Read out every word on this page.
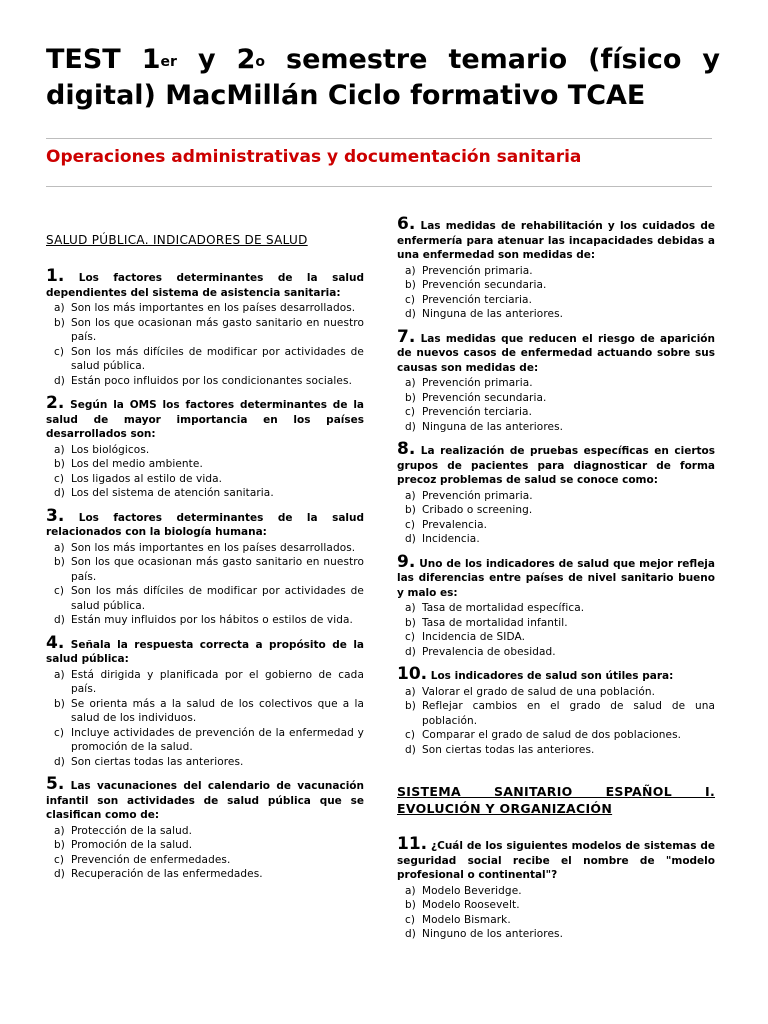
TEST 1er y 2$^o$ semestre temario (físico y digital) MacMillán Ciclo formativo TCAE
Operaciones administrativas y documentación sanitaria
SALUD PÚBLICA. INDICADORES DE SALUD
1. Los factores determinantes de la salud dependientes del sistema de asistencia sanitaria:
a) Son los más importantes en los países desarrollados.
b) Son los que ocasionan más gasto sanitario en nuestro país.
c) Son los más difíciles de modificar por actividades de salud pública.
d) Están poco influidos por los condicionantes sociales.
2. Según la OMS los factores determinantes de la salud de mayor importancia en los países desarrollados son:
a) Los biológicos.
b) Los del medio ambiente.
c) Los ligados al estilo de vida.
d) Los del sistema de atención sanitaria.
3. Los factores determinantes de la salud relacionados con la biología humana:
a) Son los más importantes en los países desarrollados.
b) Son los que ocasionan más gasto sanitario en nuestro país.
c) Son los más difíciles de modificar por actividades de salud pública.
d) Están muy influidos por los hábitos o estilos de vida.
4. Señala la respuesta correcta a propósito de la salud pública:
a) Está dirigida y planificada por el gobierno de cada país.
b) Se orienta más a la salud de los colectivos que a la salud de los individuos.
c) Incluye actividades de prevención de la enfermedad y promoción de la salud.
d) Son ciertas todas las anteriores.
5. Las vacunaciones del calendario de vacunación infantil son actividades de salud pública que se clasifican como de:
a) Protección de la salud.
b) Promoción de la salud.
c) Prevención de enfermedades.
d) Recuperación de las enfermedades.
6. Las medidas de rehabilitación y los cuidados de enfermería para atenuar las incapacidades debidas a una enfermedad son medidas de:
a) Prevención primaria.
b) Prevención secundaria.
c) Prevención terciaria.
d) Ninguna de las anteriores.
7. Las medidas que reducen el riesgo de aparición de nuevos casos de enfermedad actuando sobre sus causas son medidas de:
a) Prevención primaria.
b) Prevención secundaria.
c) Prevención terciaria.
d) Ninguna de las anteriores.
8. La realización de pruebas específicas en ciertos grupos de pacientes para diagnosticar de forma precoz problemas de salud se conoce como:
a) Prevención primaria.
b) Cribado o screening.
c) Prevalencia.
d) Incidencia.
9. Uno de los indicadores de salud que mejor refleja las diferencias entre países de nivel sanitario bueno y malo es:
a) Tasa de mortalidad específica.
b) Tasa de mortalidad infantil.
c) Incidencia de SIDA.
d) Prevalencia de obesidad.
10. Los indicadores de salud son útiles para:
a) Valorar el grado de salud de una población.
b) Reflejar cambios en el grado de salud de una población.
c) Comparar el grado de salud de dos poblaciones.
d) Son ciertas todas las anteriores.
SISTEMA SANITARIO ESPAÑOL I. EVOLUCIÓN Y ORGANIZACIÓN
11. ¿Cuál de los siguientes modelos de sistemas de seguridad social recibe el nombre de "modelo profesional o continental"?
a) Modelo Beveridge.
b) Modelo Roosevelt.
c) Modelo Bismark.
d) Ninguno de los anteriores.
